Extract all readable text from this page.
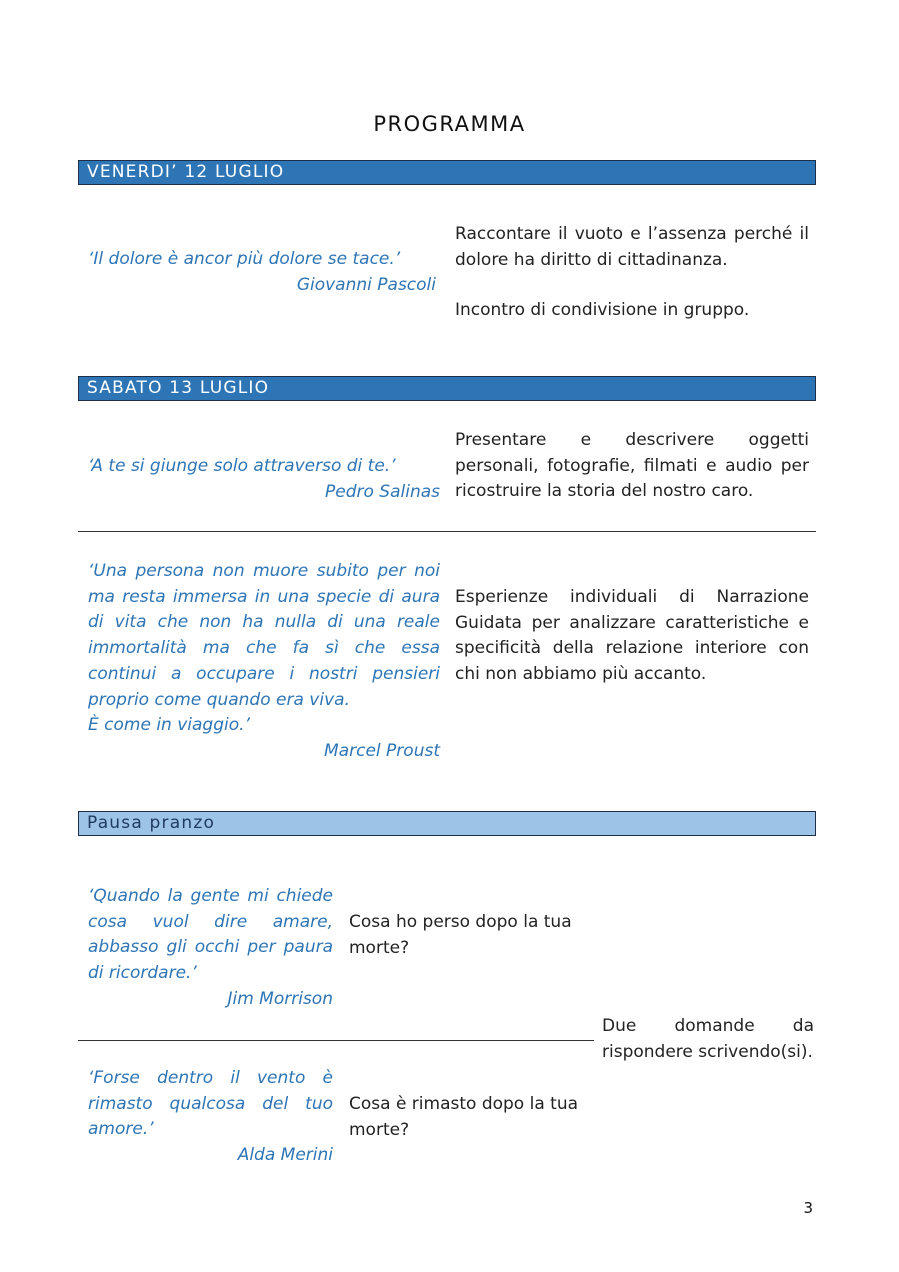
PROGRAMMA
VENERDI’ 12 LUGLIO
‘Il dolore è ancor più dolore se tace.’
Giovanni Pascoli
Raccontare il vuoto e l’assenza perché il dolore ha diritto di cittadinanza.
Incontro di condivisione in gruppo.
SABATO 13 LUGLIO
‘A te si giunge solo attraverso di te.’
Pedro Salinas
Presentare e descrivere oggetti personali, fotografie, filmati e audio per ricostruire la storia del nostro caro.
‘Una persona non muore subito per noi ma resta immersa in una specie di aura di vita che non ha nulla di una reale immortalità ma che fa sì che essa continui a occupare i nostri pensieri proprio come quando era viva.
È come in viaggio.’
Marcel Proust
Esperienze individuali di Narrazione Guidata per analizzare caratteristiche e specificità della relazione interiore con chi non abbiamo più accanto.
Pausa pranzo
‘Quando la gente mi chiede cosa vuol dire amare, abbasso gli occhi per paura di ricordare.’
Jim Morrison
Cosa ho perso dopo la tua morte?
‘Forse dentro il vento è rimasto qualcosa del tuo amore.’
Alda Merini
Cosa è rimasto dopo la tua morte?
Due domande da rispondere scrivendo(si).
3
